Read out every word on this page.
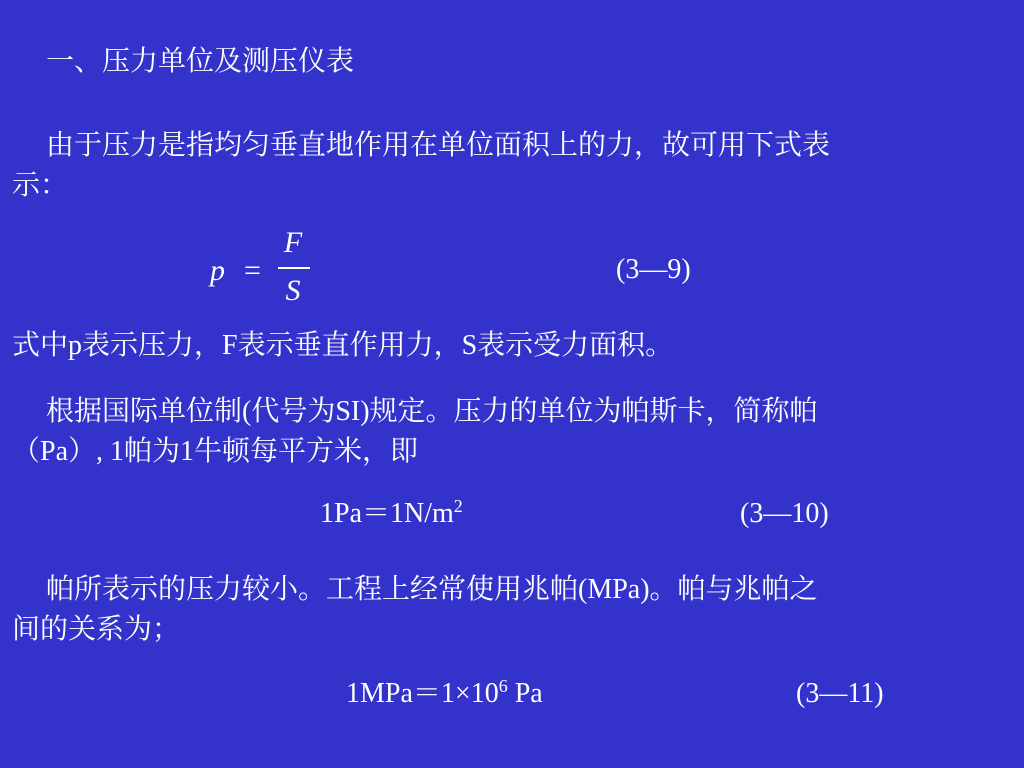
一、压力单位及测压仪表
由于压力是指均匀垂直地作用在单位面积上的力，故可用下式表
示：
p =
F
S
(3—9)
式中p表示压力，F表示垂直作用力，S表示受力面积。
根据国际单位制(代号为SI)规定。压力的单位为帕斯卡，简称帕
（Pa）, 1帕为1牛顿每平方米，即
$1Pa=1N/m^2$	(3—10)
帕所表示的压力较小。工程上经常使用兆帕(MPa)。帕与兆帕之
间的关系为；
$1MPa=1\times 10^6$ Pa	(3—11)
